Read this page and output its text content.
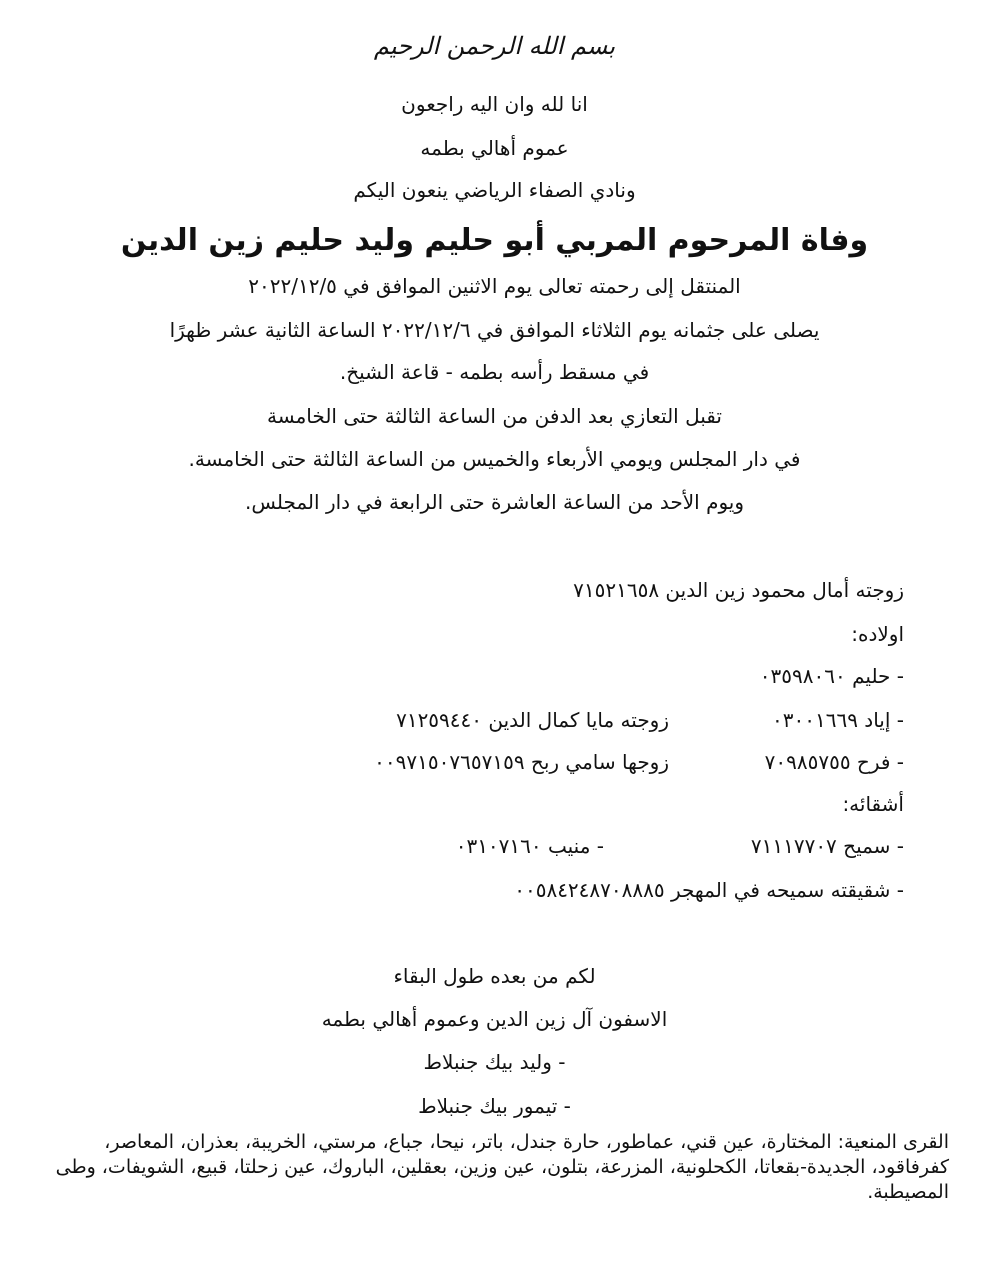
بسم الله الرحمن الرحيم
انا لله وان اليه راجعون
عموم أهالي بطمه
ونادي الصفاء الرياضي ينعون اليكم
وفاة المرحوم المربي أبو حليم وليد حليم زين الدين
المنتقل إلى رحمته تعالى يوم الاثنين الموافق في ٢٠٢٢/١٢/٥
يصلى على جثمانه يوم الثلاثاء الموافق في ٢٠٢٢/١٢/٦ الساعة الثانية عشر ظهرًا
في مسقط رأسه بطمه - قاعة الشيخ.
تقبل التعازي بعد الدفن من الساعة الثالثة حتى الخامسة
في دار المجلس ويومي الأربعاء والخميس من الساعة الثالثة حتى الخامسة.
ويوم الأحد من الساعة العاشرة حتى الرابعة في دار المجلس.
زوجته أمال محمود زين الدين ٧١٥٢١٦٥٨
اولاده:
- حليم ٠٣٥٩٨٠٦٠
- إياد ٠٣٠٠١٦٦٩
زوجته مايا كمال الدين ٧١٢٥٩٤٤٠
- فرح ٧٠٩٨٥٧٥٥
زوجها سامي ربح ٠٠٩٧١٥٠٧٦٥٧١٥٩
أشقائه:
- سميح ٧١١١٧٧٠٧
- منيب ٠٣١٠٧١٦٠
- شقيقته سميحه في المهجر ٠٠٥٨٤٢٤٨٧٠٨٨٨٥
لكم من بعده طول البقاء
الاسفون آل زين الدين وعموم أهالي بطمه
- وليد بيك جنبلاط
- تيمور بيك جنبلاط
القرى المنعية: المختارة، عين قني، عماطور، حارة جندل، باتر، نيحا، جباع، مرستي، الخريبة، بعذران، المعاصر، كفرفاقود، الجديدة-بقعاتا، الكحلونية، المزرعة، بتلون، عين وزين، بعقلين، الباروك، عين زحلتا، قبيع، الشويفات، وطى المصيطبة.
